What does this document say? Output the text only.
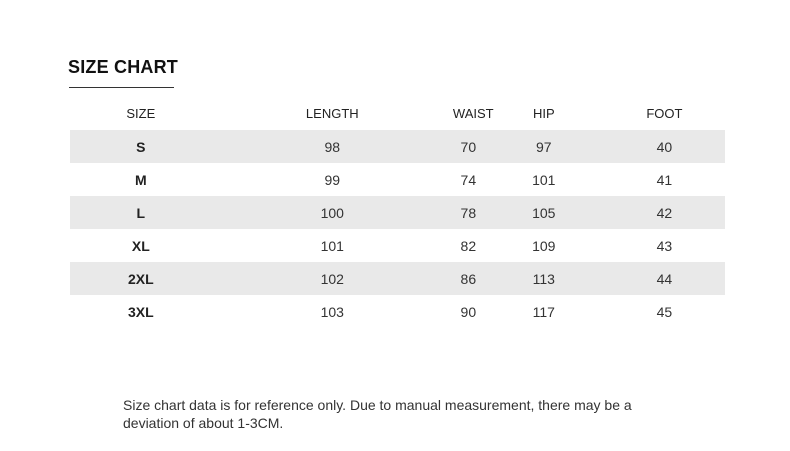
SIZE CHART
SIZE	LENGTH	WAIST	HIP	FOOT
S	98	70	97	40
M	99	74	101	41
L	100	78	105	42
XL	101	82	109	43
2XL	102	86	113	44
3XL	103	90	117	45

Size chart data is for reference only. Due to manual measurement, there may be a deviation of about 1-3CM.
